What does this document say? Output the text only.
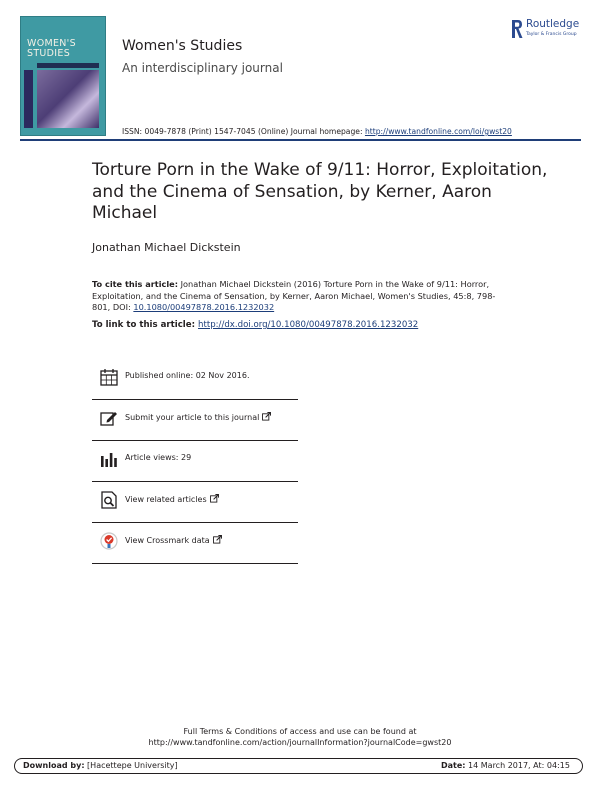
WOMEN'S STUDIES	Women's Studies
An interdisciplinary journal
ISSN: 0049-7878 (Print) 1547-7045 (Online) Journal homepage: http://www.tandfonline.com/loi/gwst20
Routledge
Taylor & Francis Group
Torture Porn in the Wake of 9/11: Horror, Exploitation, and the Cinema of Sensation, by Kerner, Aaron Michael
Jonathan Michael Dickstein
To cite this article: Jonathan Michael Dickstein (2016) Torture Porn in the Wake of 9/11: Horror, Exploitation, and the Cinema of Sensation, by Kerner, Aaron Michael, Women's Studies, 45:8, 798-801, DOI: 10.1080/00497878.2016.1232032
To link to this article: http://dx.doi.org/10.1080/00497878.2016.1232032
Published online: 02 Nov 2016.
Submit your article to this journal
Article views: 29
View related articles
View Crossmark data
Full Terms & Conditions of access and use can be found at
http://www.tandfonline.com/action/journalInformation?journalCode=gwst20
Download by: [Hacettepe University]	Date: 14 March 2017, At: 04:15
